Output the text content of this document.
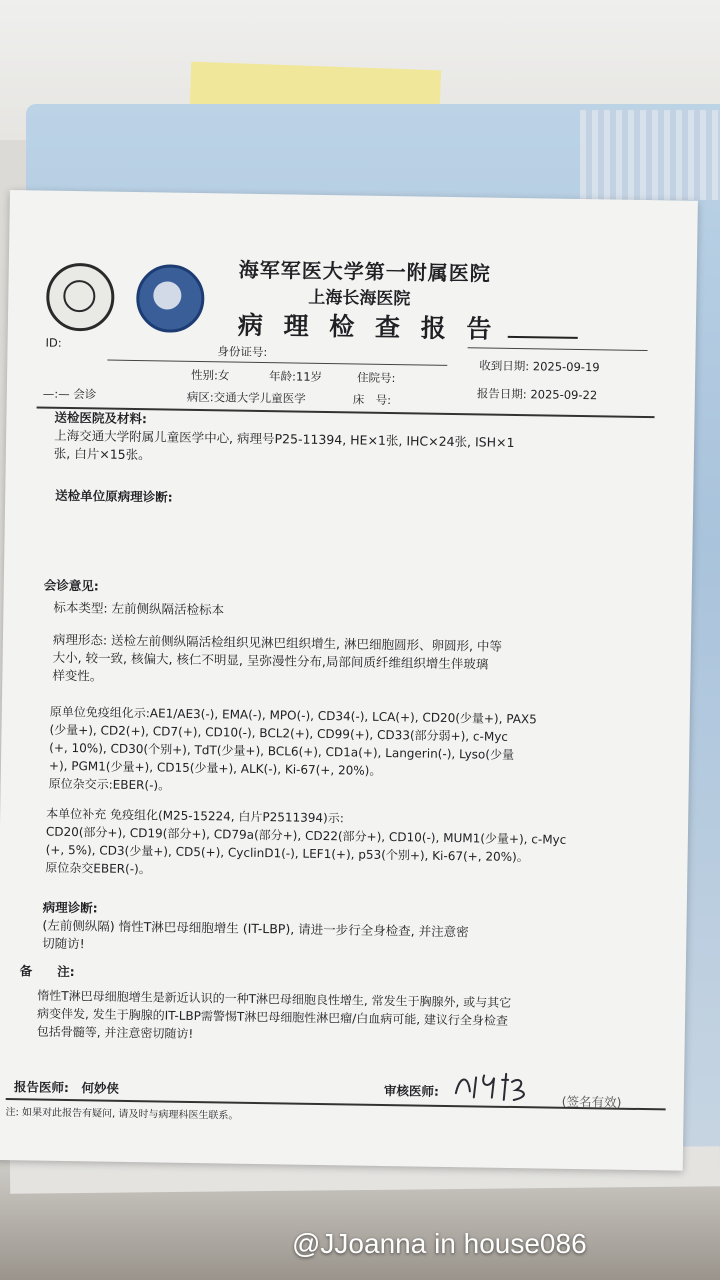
海军军医大学第一附属医院
上海长海医院
病 理 检 查 报 告
ID:
身份证号:
性别:女	年龄:11岁	住院号:
收到日期: 2025-09-19
—:— 会诊	病区:交通大学儿童医学	床　号:	报告日期: 2025-09-22
送检医院及材料:
上海交通大学附属儿童医学中心, 病理号P25-11394, HE×1张, IHC×24张, ISH×1
张, 白片×15张。
送检单位原病理诊断:
会诊意见:
标本类型: 左前侧纵隔活检标本
病理形态: 送检左前侧纵隔活检组织见淋巴组织增生, 淋巴细胞圆形、卵圆形, 中等
大小, 较一致, 核偏大, 核仁不明显, 呈弥漫性分布,局部间质纤维组织增生伴玻璃
样变性。
原单位免疫组化示:AE1/AE3(-), EMA(-), MPO(-), CD34(-), LCA(+), CD20(少量+), PAX5
(少量+), CD2(+), CD7(+), CD10(-), BCL2(+), CD99(+), CD33(部分弱+), c-Myc
(+, 10%), CD30(个别+), TdT(少量+), BCL6(+), CD1a(+), Langerin(-), Lyso(少量
+), PGM1(少量+), CD15(少量+), ALK(-), Ki-67(+, 20%)。
原位杂交示:EBER(-)。
本单位补充 免疫组化(M25-15224, 白片P2511394)示:
CD20(部分+), CD19(部分+), CD79a(部分+), CD22(部分+), CD10(-), MUM1(少量+), c-Myc
(+, 5%), CD3(少量+), CD5(+), CyclinD1(-), LEF1(+), p53(个别+), Ki-67(+, 20%)。
原位杂交EBER(-)。
病理诊断:
(左前侧纵隔) 惰性T淋巴母细胞增生 (IT-LBP), 请进一步行全身检查, 并注意密
切随访!
备　　注:
惰性T淋巴母细胞增生是新近认识的一种T淋巴母细胞良性增生, 常发生于胸腺外, 或与其它
病变伴发, 发生于胸腺的IT-LBP需警惕T淋巴母细胞性淋巴瘤/白血病可能, 建议行全身检查
包括骨髓等, 并注意密切随访!
报告医师:　何妙侠	审核医师:
(签名有效)
注: 如果对此报告有疑问, 请及时与病理科医生联系。
@JJoanna in house086
